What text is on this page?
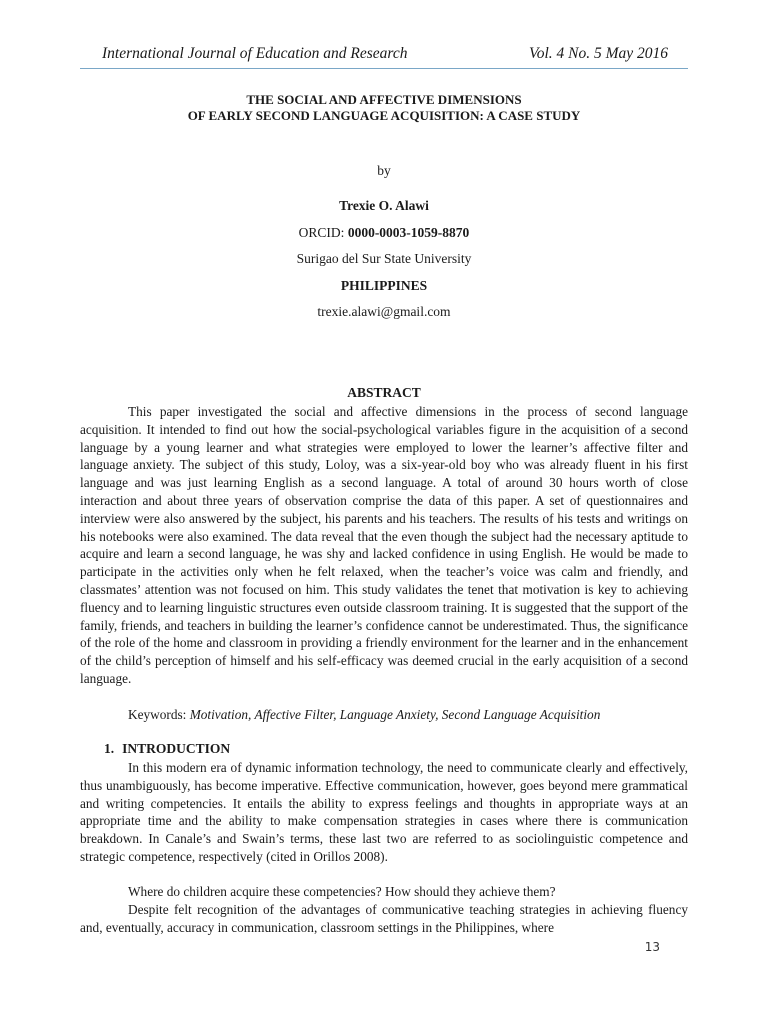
International Journal of Education and Research	Vol. 4 No. 5 May 2016
THE SOCIAL AND AFFECTIVE DIMENSIONS
OF EARLY SECOND LANGUAGE ACQUISITION: A CASE STUDY
by
Trexie O. Alawi
ORCID: 0000-0003-1059-8870
Surigao del Sur State University
PHILIPPINES
trexie.alawi@gmail.com
ABSTRACT

This paper investigated the social and affective dimensions in the process of second language acquisition. It intended to find out how the social-psychological variables figure in the acquisition of a second language by a young learner and what strategies were employed to lower the learner’s affective filter and language anxiety. The subject of this study, Loloy, was a six-year-old boy who was already fluent in his first language and was just learning English as a second language. A total of around 30 hours worth of close interaction and about three years of observation comprise the data of this paper. A set of questionnaires and interview were also answered by the subject, his parents and his teachers. The results of his tests and writings on his notebooks were also examined. The data reveal that the even though the subject had the necessary aptitude to acquire and learn a second language, he was shy and lacked confidence in using English. He would be made to participate in the activities only when he felt relaxed, when the teacher’s voice was calm and friendly, and classmates’ attention was not focused on him. This study validates the tenet that motivation is key to achieving fluency and to learning linguistic structures even outside classroom training. It is suggested that the support of the family, friends, and teachers in building the learner’s confidence cannot be underestimated. Thus, the significance of the role of the home and classroom in providing a friendly environment for the learner and in the enhancement of the child’s perception of himself and his self-efficacy was deemed crucial in the early acquisition of a second language.

Keywords: Motivation, Affective Filter, Language Anxiety, Second Language Acquisition

1. INTRODUCTION

In this modern era of dynamic information technology, the need to communicate clearly and effectively, thus unambiguously, has become imperative. Effective communication, however, goes beyond mere grammatical and writing competencies. It entails the ability to express feelings and thoughts in appropriate ways at an appropriate time and the ability to make compensation strategies in cases where there is communication breakdown. In Canale’s and Swain’s terms, these last two are referred to as sociolinguistic competence and strategic competence, respectively (cited in Orillos 2008).

Where do children acquire these competencies? How should they achieve them?

Despite felt recognition of the advantages of communicative teaching strategies in achieving fluency and, eventually, accuracy in communication, classroom settings in the Philippines, where

13
